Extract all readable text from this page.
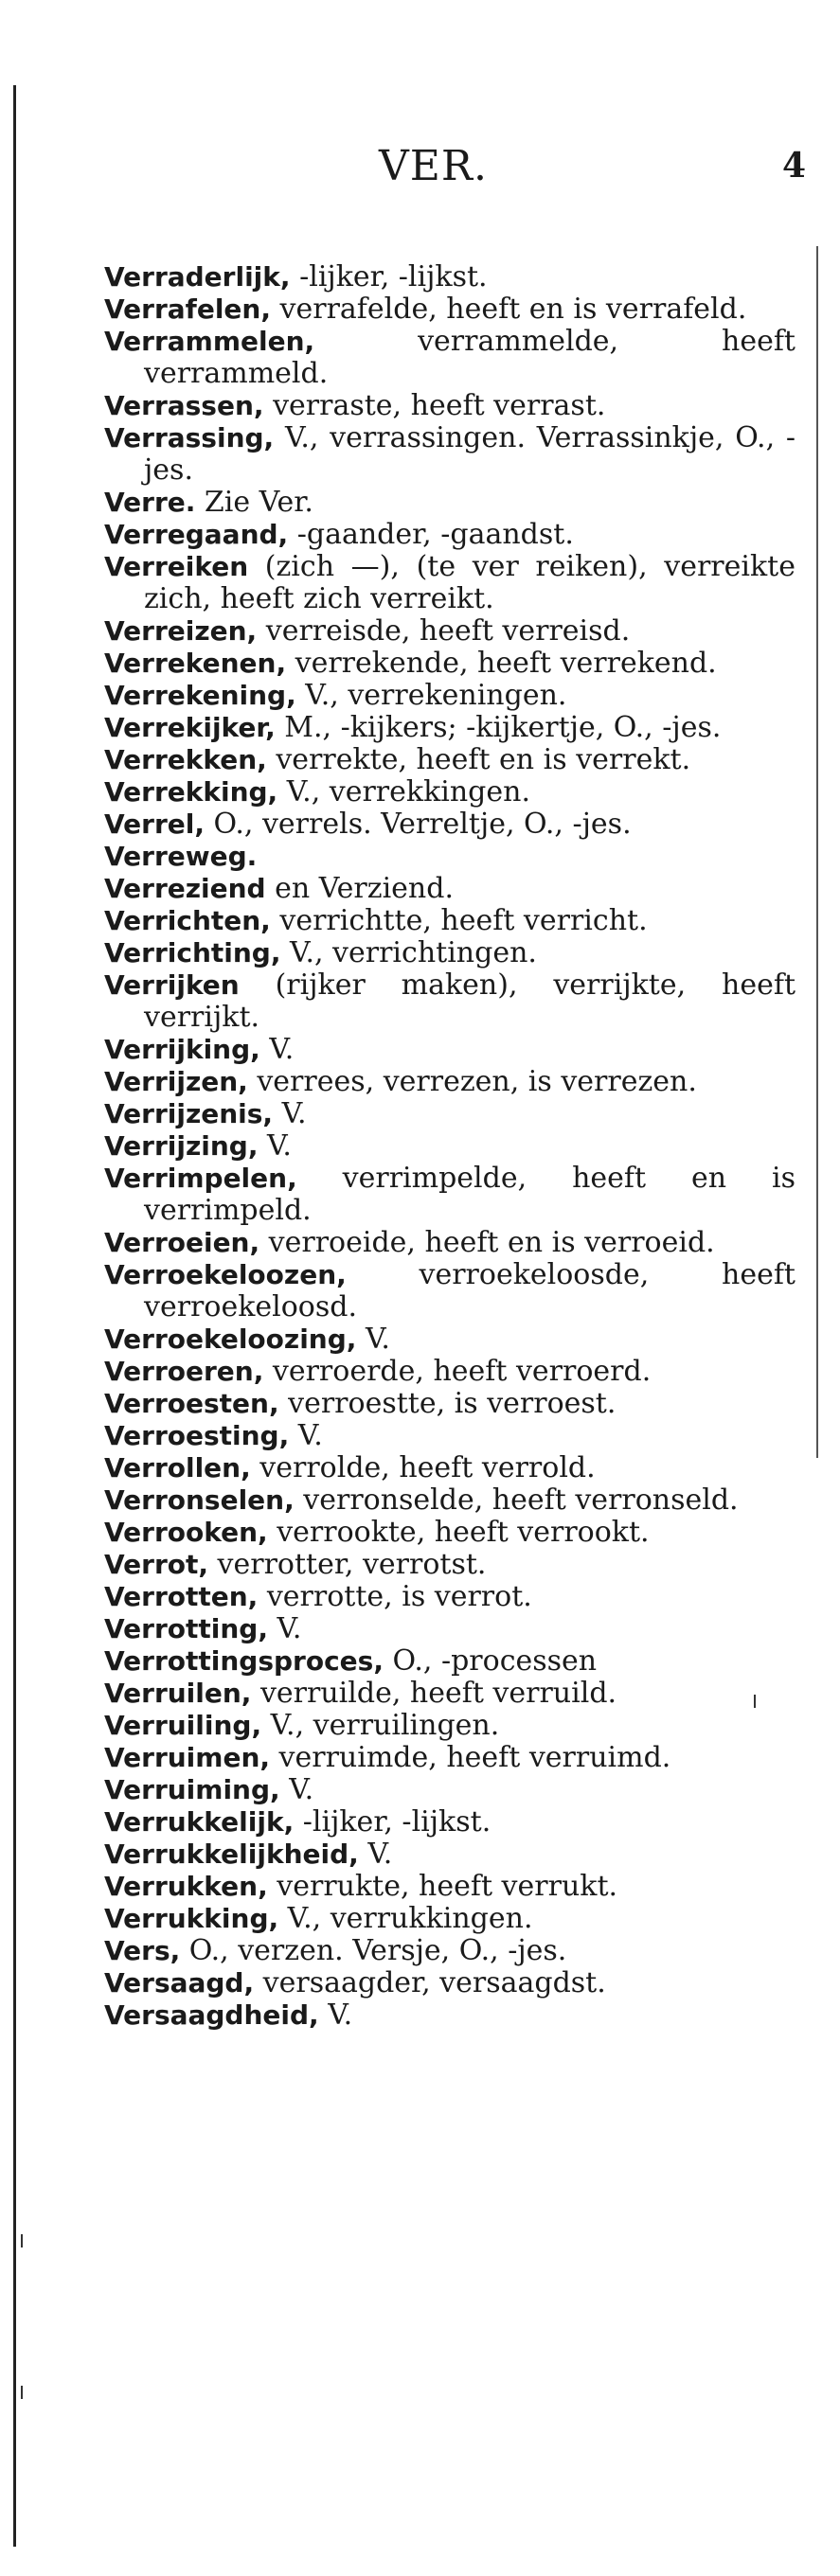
VER.	4

Verraderlijk, -lijker, -lijkst.

Verrafelen, verrafelde, heeft en is verrafeld.

Verrammelen, verrammelde, heeft verrammeld.

Verrassen, verraste, heeft verrast.

Verrassing, V., verrassingen. Verrassinkje, O., -jes.

Verre. Zie Ver.

Verregaand, -gaander, -gaandst.

Verreiken (zich —), (te ver reiken), verreikte zich, heeft zich verreikt.

Verreizen, verreisde, heeft verreisd.

Verrekenen, verrekende, heeft verrekend.

Verrekening, V., verrekeningen.

Verrekijker, M., -kijkers; -kijkertje, O., -jes.

Verrekken, verrekte, heeft en is verrekt.

Verrekking, V., verrekkingen.

Verrel, O., verrels. Verreltje, O., -jes.

Verreweg.

Verreziend en Verziend.

Verrichten, verrichtte, heeft verricht.

Verrichting, V., verrichtingen.

Verrijken (rijker maken), verrijkte, heeft verrijkt.

Verrijking, V.

Verrijzen, verrees, verrezen, is verrezen.

Verrijzenis, V.

Verrijzing, V.

Verrimpelen, verrimpelde, heeft en is verrimpeld.

Verroeien, verroeide, heeft en is verroeid.

Verroekeloozen, verroekeloosde, heeft verroekeloosd.

Verroekeloozing, V.

Verroeren, verroerde, heeft verroerd.

Verroesten, verroestte, is verroest.

Verroesting, V.

Verrollen, verrolde, heeft verrold.

Verronselen, verronselde, heeft verronseld.

Verrooken, verrookte, heeft verrookt.

Verrot, verrotter, verrotst.

Verrotten, verrotte, is verrot.

Verrotting, V.

Verrottingsproces, O., -processen

Verruilen, verruilde, heeft verruild.

Verruiling, V., verruilingen.

Verruimen, verruimde, heeft verruimd.

Verruiming, V.

Verrukkelijk, -lijker, -lijkst.

Verrukkelijkheid, V.

Verrukken, verrukte, heeft verrukt.

Verrukking, V., verrukkingen.

Vers, O., verzen. Versje, O., -jes.

Versaagd, versaagder, versaagdst.

Versaagdheid, V.
